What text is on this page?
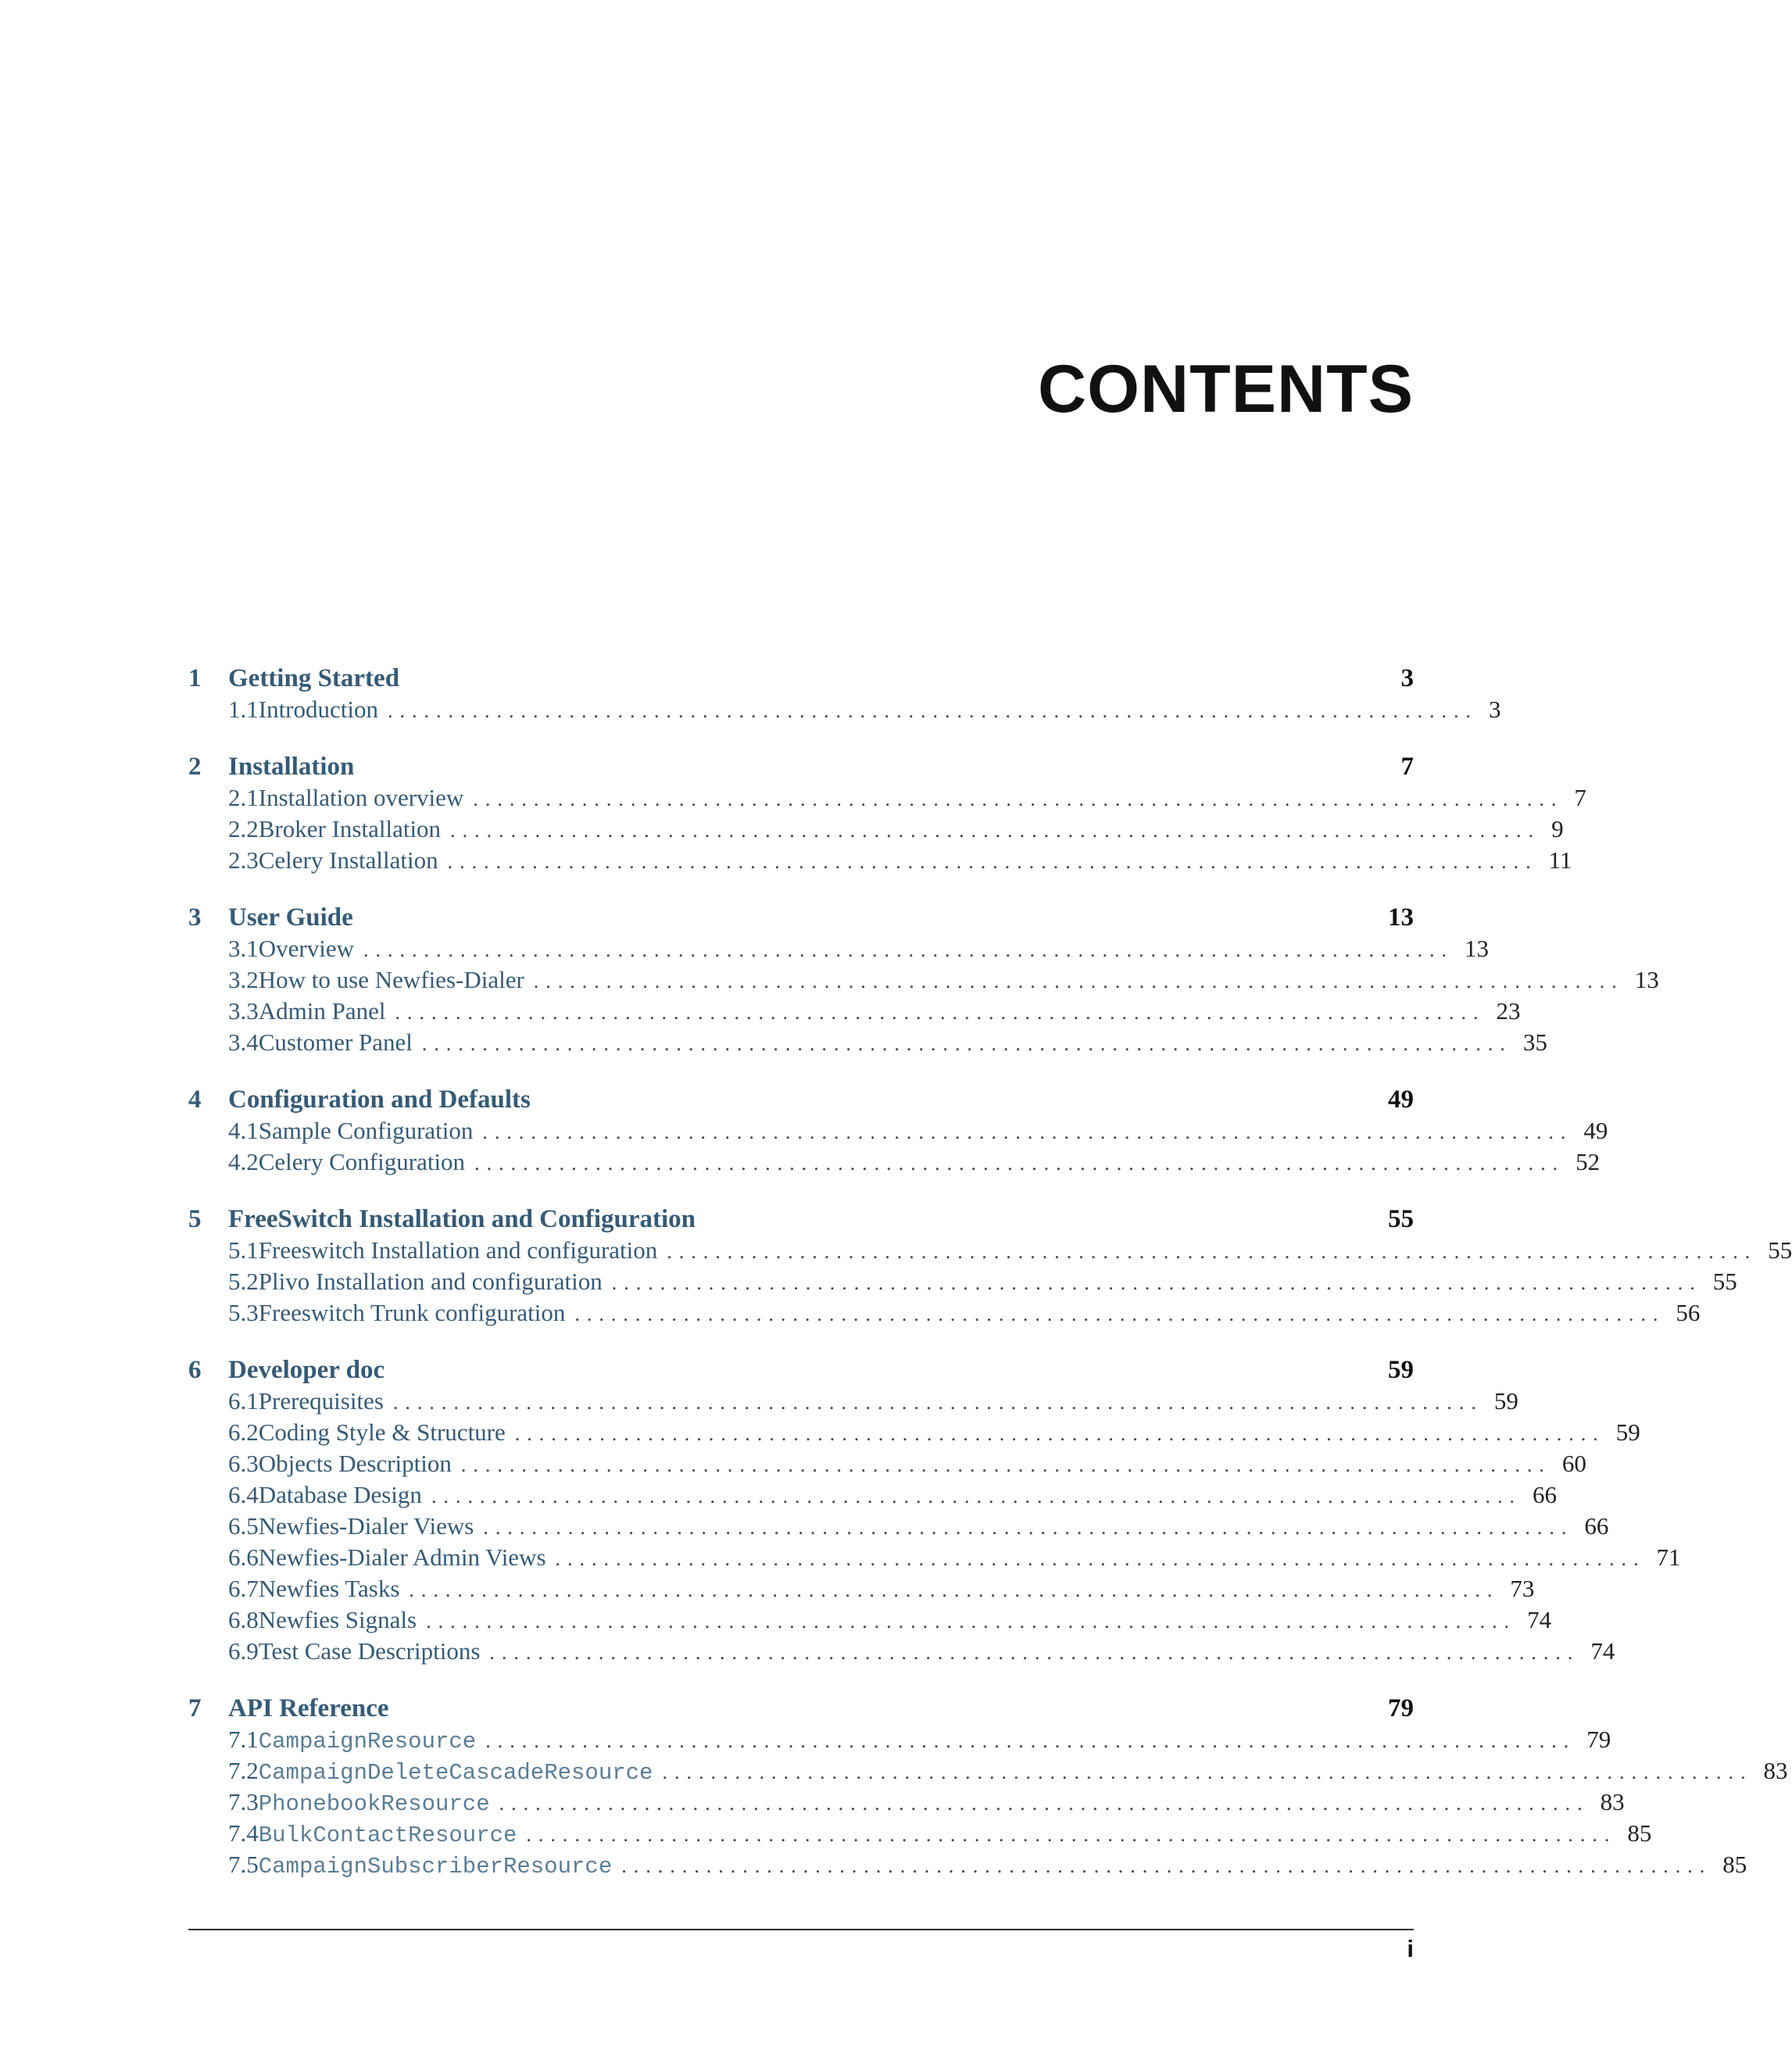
CONTENTS
1	Getting Started	3
1.1 Introduction .......................................................................................... 3
2	Installation	7
2.1 Installation overview .......................................................................................... 7
2.2 Broker Installation .......................................................................................... 9
2.3 Celery Installation .......................................................................................... 11
3	User Guide	13
3.1 Overview .......................................................................................... 13
3.2 How to use Newfies-Dialer .......................................................................................... 13
3.3 Admin Panel .......................................................................................... 23
3.4 Customer Panel .......................................................................................... 35
4	Configuration and Defaults	49
4.1 Sample Configuration .......................................................................................... 49
4.2 Celery Configuration .......................................................................................... 52
5	FreeSwitch Installation and Configuration	55
5.1 Freeswitch Installation and configuration .......................................................................................... 55
5.2 Plivo Installation and configuration .......................................................................................... 55
5.3 Freeswitch Trunk configuration .......................................................................................... 56
6	Developer doc	59
6.1 Prerequisites .......................................................................................... 59
6.2 Coding Style & Structure .......................................................................................... 59
6.3 Objects Description .......................................................................................... 60
6.4 Database Design .......................................................................................... 66
6.5 Newfies-Dialer Views .......................................................................................... 66
6.6 Newfies-Dialer Admin Views .......................................................................................... 71
6.7 Newfies Tasks .......................................................................................... 73
6.8 Newfies Signals .......................................................................................... 74
6.9 Test Case Descriptions .......................................................................................... 74
7	API Reference	79
7.1 CampaignResource .......................................................................................... 79
7.2 CampaignDeleteCascadeResource .......................................................................................... 83
7.3 PhonebookResource .......................................................................................... 83
7.4 BulkContactResource .......................................................................................... 85
7.5 CampaignSubscriberResource .......................................................................................... 85
i
